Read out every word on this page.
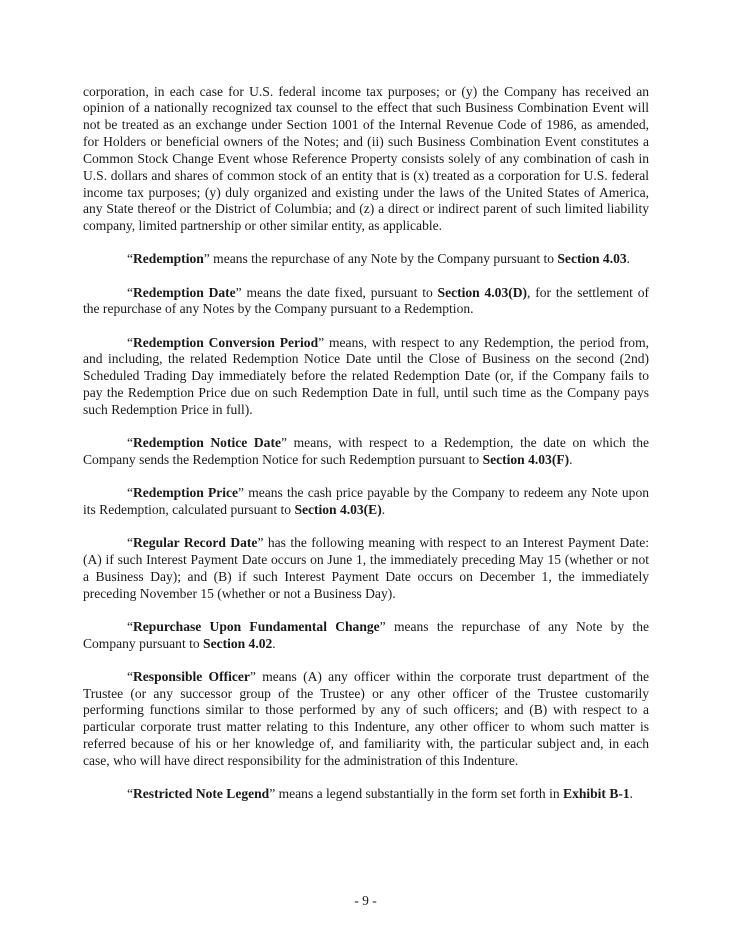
corporation, in each case for U.S. federal income tax purposes; or (y) the Company has received an opinion of a nationally recognized tax counsel to the effect that such Business Combination Event will not be treated as an exchange under Section 1001 of the Internal Revenue Code of 1986, as amended, for Holders or beneficial owners of the Notes; and (ii) such Business Combination Event constitutes a Common Stock Change Event whose Reference Property consists solely of any combination of cash in U.S. dollars and shares of common stock of an entity that is (x) treated as a corporation for U.S. federal income tax purposes; (y) duly organized and existing under the laws of the United States of America, any State thereof or the District of Columbia; and (z) a direct or indirect parent of such limited liability company, limited partnership or other similar entity, as applicable.

“Redemption” means the repurchase of any Note by the Company pursuant to Section 4.03.

“Redemption Date” means the date fixed, pursuant to Section 4.03(D), for the settlement of the repurchase of any Notes by the Company pursuant to a Redemption.

“Redemption Conversion Period” means, with respect to any Redemption, the period from, and including, the related Redemption Notice Date until the Close of Business on the second (2nd) Scheduled Trading Day immediately before the related Redemption Date (or, if the Company fails to pay the Redemption Price due on such Redemption Date in full, until such time as the Company pays such Redemption Price in full).

“Redemption Notice Date” means, with respect to a Redemption, the date on which the Company sends the Redemption Notice for such Redemption pursuant to Section 4.03(F).

“Redemption Price” means the cash price payable by the Company to redeem any Note upon its Redemption, calculated pursuant to Section 4.03(E).

“Regular Record Date” has the following meaning with respect to an Interest Payment Date: (A) if such Interest Payment Date occurs on June 1, the immediately preceding May 15 (whether or not a Business Day); and (B) if such Interest Payment Date occurs on December 1, the immediately preceding November 15 (whether or not a Business Day).

“Repurchase Upon Fundamental Change” means the repurchase of any Note by the Company pursuant to Section 4.02.

“Responsible Officer” means (A) any officer within the corporate trust department of the Trustee (or any successor group of the Trustee) or any other officer of the Trustee customarily performing functions similar to those performed by any of such officers; and (B) with respect to a particular corporate trust matter relating to this Indenture, any other officer to whom such matter is referred because of his or her knowledge of, and familiarity with, the particular subject and, in each case, who will have direct responsibility for the administration of this Indenture.

“Restricted Note Legend” means a legend substantially in the form set forth in Exhibit B-1.

- 9 -
